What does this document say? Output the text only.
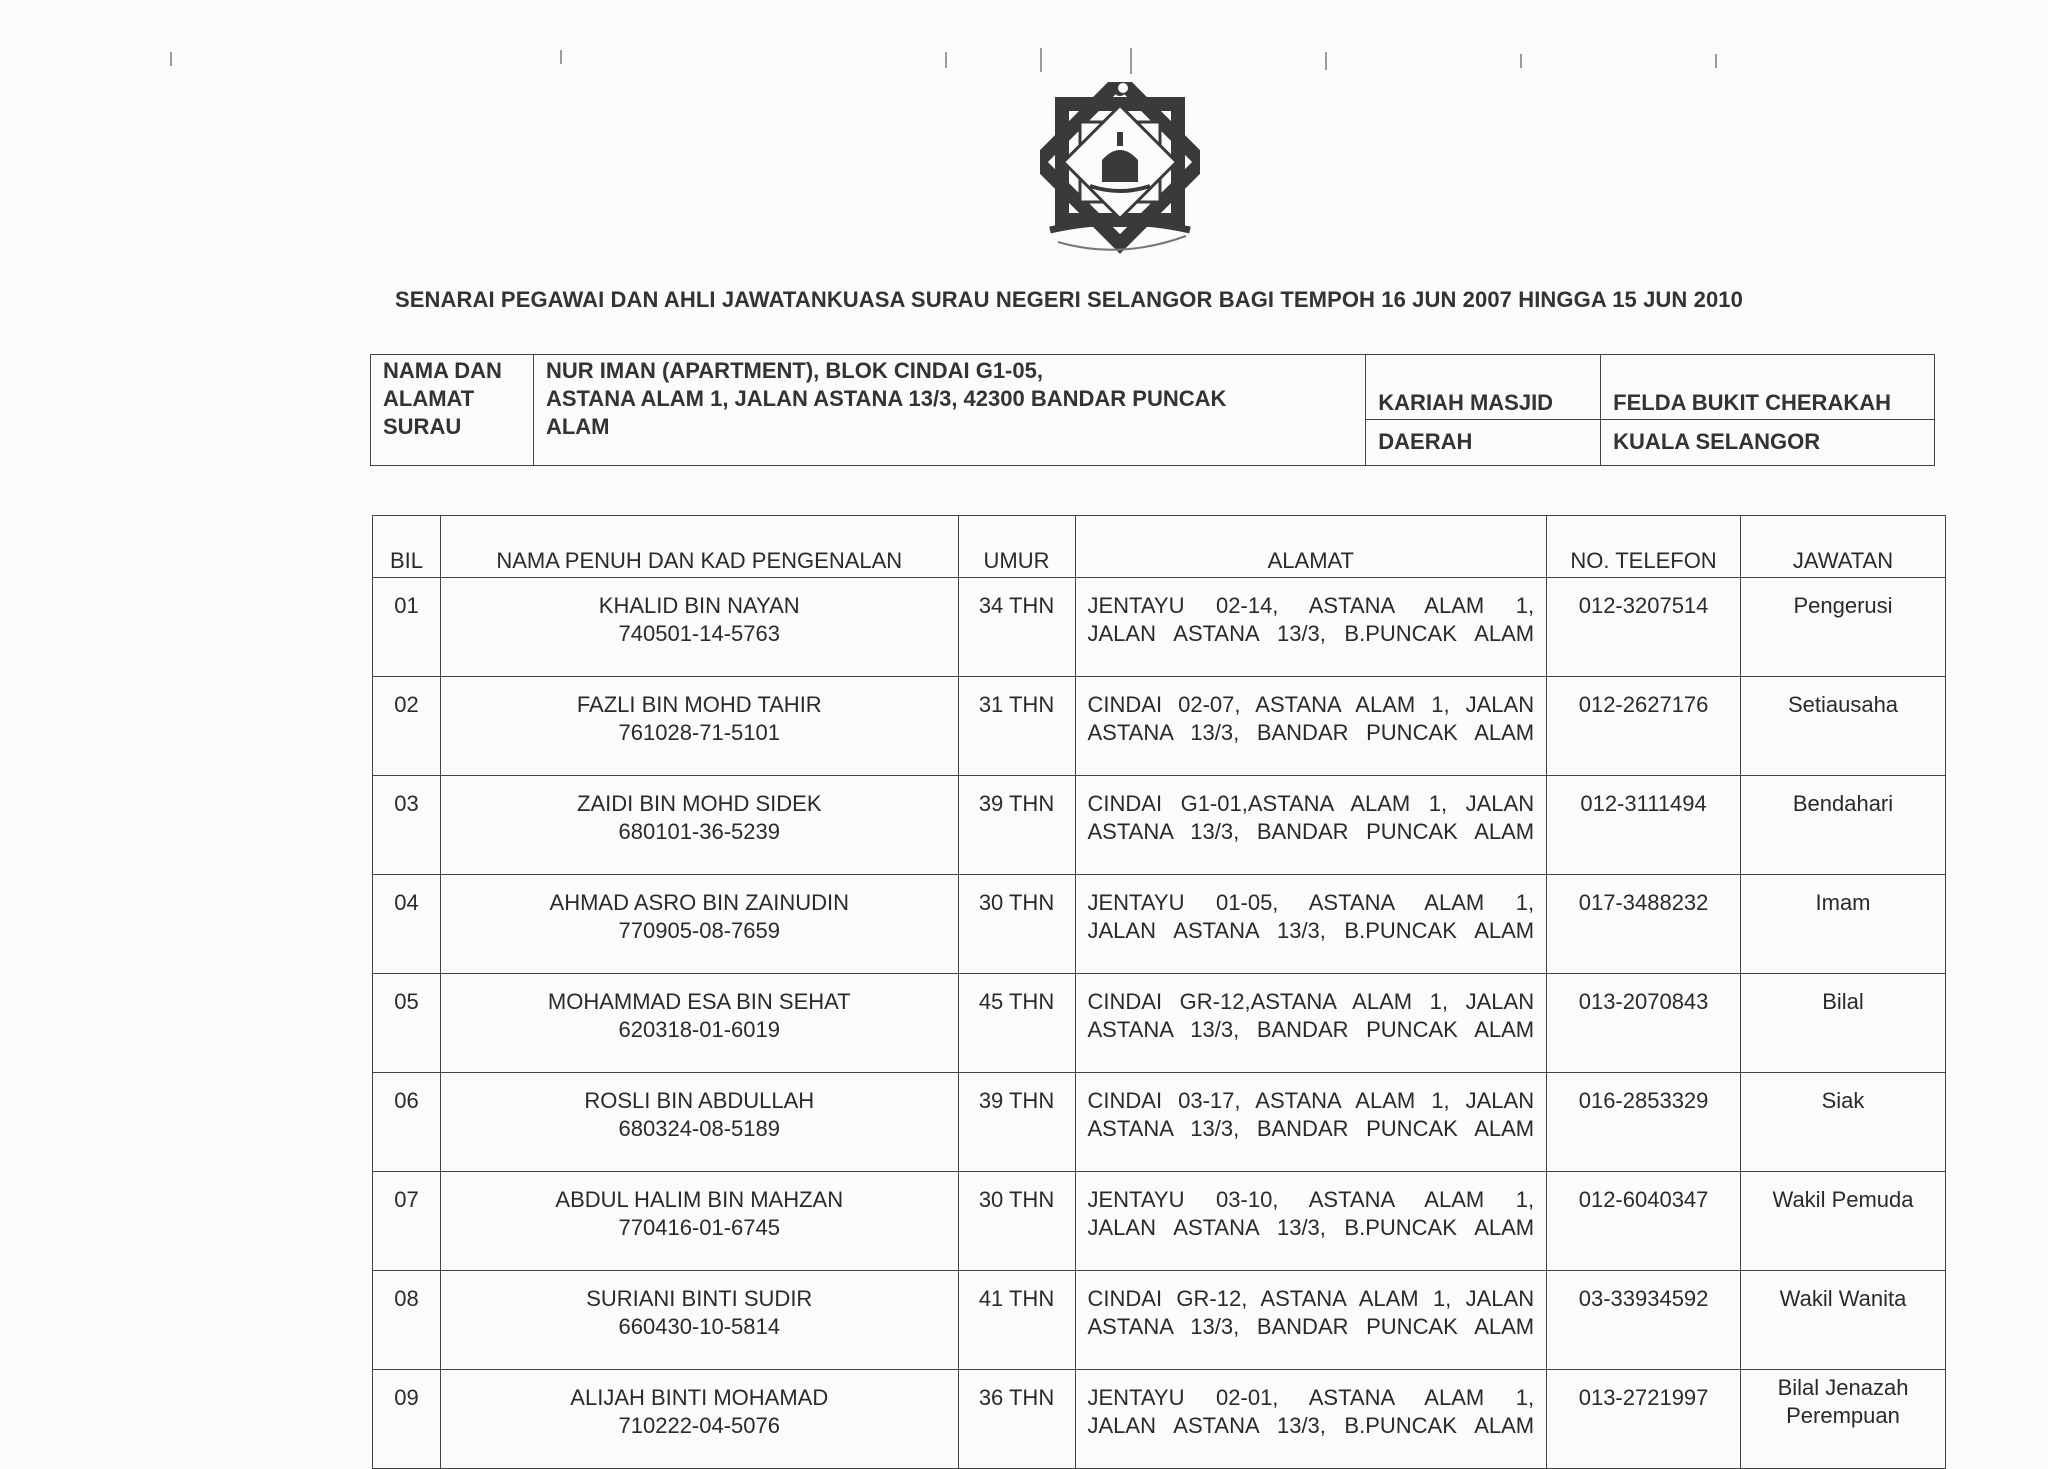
SENARAI PEGAWAI DAN AHLI JAWATANKUASA SURAU NEGERI SELANGOR BAGI TEMPOH 16 JUN 2007 HINGGA 15 JUN 2010
NAMA DAN
ALAMAT
SURAU	NUR IMAN (APARTMENT), BLOK CINDAI G1-05,
ASTANA ALAM 1, JALAN ASTANA 13/3, 42300 BANDAR PUNCAK
ALAM	KARIAH MASJID	FELDA BUKIT CHERAKAH
		DAERAH	KUALA SELANGOR
BIL	NAMA PENUH DAN KAD PENGENALAN	UMUR	ALAMAT	NO. TELEFON	JAWATAN
01	KHALID BIN NAYAN
740501-14-5763	34 THN	JENTAYU 02-14, ASTANA ALAM 1,
JALAN ASTANA 13/3, B.PUNCAK ALAM	012-3207514	Pengerusi
02	FAZLI BIN MOHD TAHIR
761028-71-5101	31 THN	CINDAI 02-07, ASTANA ALAM 1, JALAN
ASTANA 13/3, BANDAR PUNCAK ALAM	012-2627176	Setiausaha
03	ZAIDI BIN MOHD SIDEK
680101-36-5239	39 THN	CINDAI G1-01,ASTANA ALAM 1, JALAN
ASTANA 13/3, BANDAR PUNCAK ALAM	012-3111494	Bendahari
04	AHMAD ASRO BIN ZAINUDIN
770905-08-7659	30 THN	JENTAYU 01-05, ASTANA ALAM 1,
JALAN ASTANA 13/3, B.PUNCAK ALAM	017-3488232	Imam
05	MOHAMMAD ESA BIN SEHAT
620318-01-6019	45 THN	CINDAI GR-12,ASTANA ALAM 1, JALAN
ASTANA 13/3, BANDAR PUNCAK ALAM	013-2070843	Bilal
06	ROSLI BIN ABDULLAH
680324-08-5189	39 THN	CINDAI 03-17, ASTANA ALAM 1, JALAN
ASTANA 13/3, BANDAR PUNCAK ALAM	016-2853329	Siak
07	ABDUL HALIM BIN MAHZAN
770416-01-6745	30 THN	JENTAYU 03-10, ASTANA ALAM 1,
JALAN ASTANA 13/3, B.PUNCAK ALAM	012-6040347	Wakil Pemuda
08	SURIANI BINTI SUDIR
660430-10-5814	41 THN	CINDAI GR-12, ASTANA ALAM 1, JALAN
ASTANA 13/3, BANDAR PUNCAK ALAM	03-33934592	Wakil Wanita
09	ALIJAH BINTI MOHAMAD
710222-04-5076	36 THN	JENTAYU 02-01, ASTANA ALAM 1,
JALAN ASTANA 13/3, B.PUNCAK ALAM	013-2721997	Bilal Jenazah Perempuan
